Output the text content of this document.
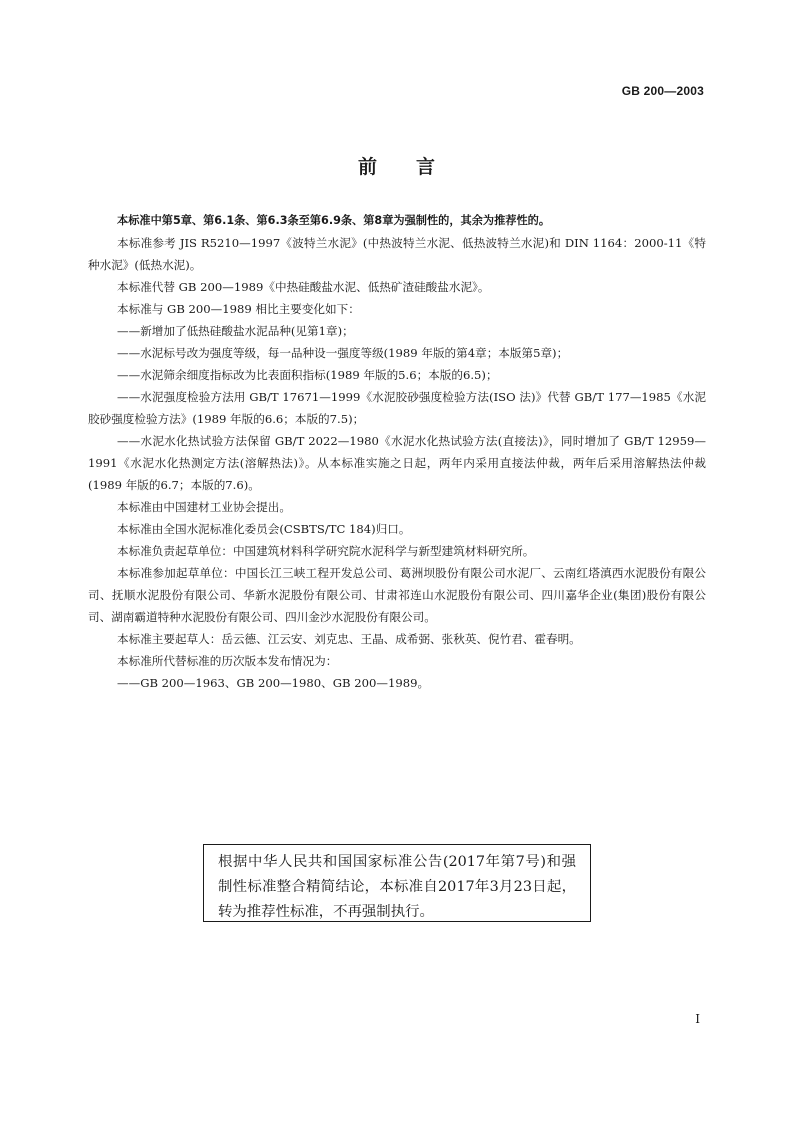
GB 200—2003
前 言

本标准中第5章、第6.1条、第6.3条至第6.9条、第8章为强制性的，其余为推荐性的。

本标准参考 JIS R5210—1997《波特兰水泥》(中热波特兰水泥、低热波特兰水泥)和 DIN 1164：2000-11《特种水泥》(低热水泥)。

本标准代替 GB 200—1989《中热硅酸盐水泥、低热矿渣硅酸盐水泥》。

本标准与 GB 200—1989 相比主要变化如下：

——新增加了低热硅酸盐水泥品种(见第1章)；

——水泥标号改为强度等级，每一品种设一强度等级(1989 年版的第4章；本版第5章)；

——水泥筛余细度指标改为比表面积指标(1989 年版的5.6；本版的6.5)；

——水泥强度检验方法用 GB/T 17671—1999《水泥胶砂强度检验方法(ISO 法)》代替 GB/T 177—1985《水泥胶砂强度检验方法》(1989 年版的6.6；本版的7.5)；

——水泥水化热试验方法保留 GB/T 2022—1980《水泥水化热试验方法(直接法)》，同时增加了 GB/T 12959—1991《水泥水化热测定方法(溶解热法)》。从本标准实施之日起，两年内采用直接法仲裁，两年后采用溶解热法仲裁(1989 年版的6.7；本版的7.6)。

本标准由中国建材工业协会提出。

本标准由全国水泥标准化委员会(CSBTS/TC 184)归口。

本标准负责起草单位：中国建筑材料科学研究院水泥科学与新型建筑材料研究所。

本标准参加起草单位：中国长江三峡工程开发总公司、葛洲坝股份有限公司水泥厂、云南红塔滇西水泥股份有限公司、抚顺水泥股份有限公司、华新水泥股份有限公司、甘肃祁连山水泥股份有限公司、四川嘉华企业(集团)股份有限公司、湖南霸道特种水泥股份有限公司、四川金沙水泥股份有限公司。

本标准主要起草人：岳云德、江云安、刘克忠、王晶、成希弼、张秋英、倪竹君、霍春明。

本标准所代替标准的历次版本发布情况为：

——GB 200—1963、GB 200—1980、GB 200—1989。

根据中华人民共和国国家标准公告(2017年第7号)和强制性标准整合精简结论，本标准自2017年3月23日起，转为推荐性标准，不再强制执行。

I
